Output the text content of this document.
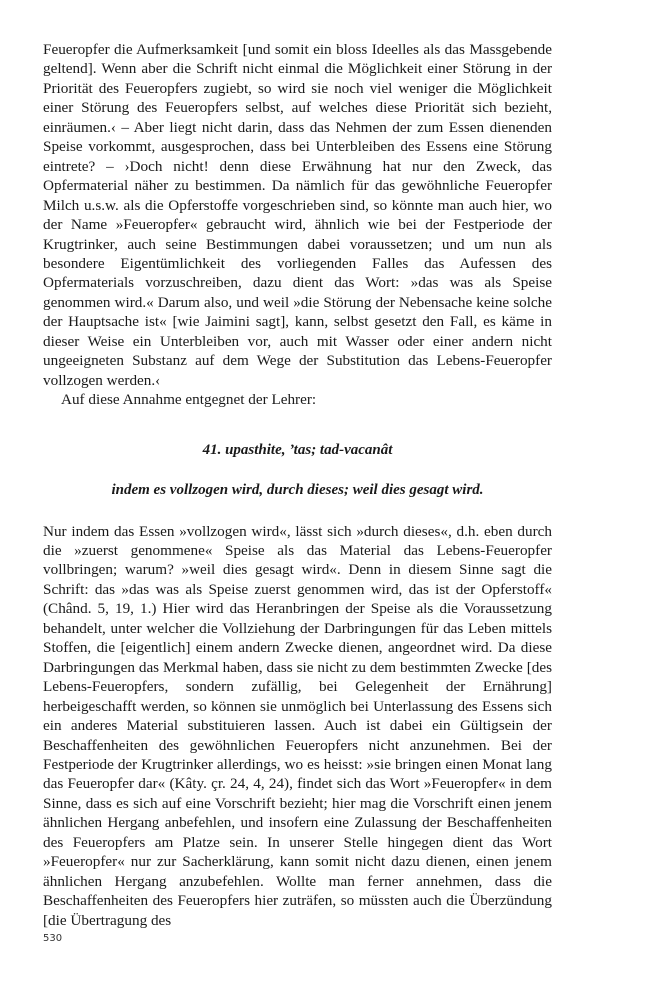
Feueropfer die Aufmerksamkeit [und somit ein bloss Ideelles als das Massgebende geltend]. Wenn aber die Schrift nicht einmal die Möglichkeit einer Störung in der Priorität des Feueropfers zugiebt, so wird sie noch viel weniger die Möglichkeit einer Störung des Feueropfers selbst, auf welches diese Priorität sich bezieht, einräumen.‹ – Aber liegt nicht darin, dass das Nehmen der zum Essen dienenden Speise vorkommt, ausgesprochen, dass bei Unterbleiben des Essens eine Störung eintrete? – ›Doch nicht! denn diese Erwähnung hat nur den Zweck, das Opfermaterial näher zu bestimmen. Da nämlich für das gewöhnliche Feueropfer Milch u.s.w. als die Opferstoffe vorgeschrieben sind, so könnte man auch hier, wo der Name »Feueropfer« gebraucht wird, ähnlich wie bei der Festperiode der Krugtrinker, auch seine Bestimmungen dabei voraussetzen; und um nun als besondere Eigentümlichkeit des vorliegenden Falles das Aufessen des Opfermaterials vorzuschreiben, dazu dient das Wort: »das was als Speise genommen wird.« Darum also, und weil »die Störung der Nebensache keine solche der Hauptsache ist« [wie Jaimini sagt], kann, selbst gesetzt den Fall, es käme in dieser Weise ein Unterbleiben vor, auch mit Wasser oder einer andern nicht ungeeigneten Substanz auf dem Wege der Substitution das Lebens-Feueropfer vollzogen werden.‹

Auf diese Annahme entgegnet der Lehrer:

41. upasthite, ’tas; tad-vacanât

indem es vollzogen wird, durch dieses; weil dies gesagt wird.

Nur indem das Essen »vollzogen wird«, lässt sich »durch dieses«, d.h. eben durch die »zuerst genommene« Speise als das Material das Lebens-Feueropfer vollbringen; warum? »weil dies gesagt wird«. Denn in diesem Sinne sagt die Schrift: das »das was als Speise zuerst genommen wird, das ist der Opferstoff« (Chând. 5, 19, 1.) Hier wird das Heranbringen der Speise als die Voraussetzung behandelt, unter welcher die Vollziehung der Darbringungen für das Leben mittels Stoffen, die [eigentlich] einem andern Zwecke dienen, angeordnet wird. Da diese Darbringungen das Merkmal haben, dass sie nicht zu dem bestimmten Zwecke [des Lebens-Feueropfers, sondern zufällig, bei Gelegenheit der Ernährung] herbeigeschafft werden, so können sie unmöglich bei Unterlassung des Essens sich ein anderes Material substituieren lassen. Auch ist dabei ein Gültigsein der Beschaffenheiten des gewöhnlichen Feueropfers nicht anzunehmen. Bei der Festperiode der Krugtrinker allerdings, wo es heisst: »sie bringen einen Monat lang das Feueropfer dar« (Kâty. çr. 24, 4, 24), findet sich das Wort »Feueropfer« in dem Sinne, dass es sich auf eine Vorschrift bezieht; hier mag die Vorschrift einen jenem ähnlichen Hergang anbefehlen, und insofern eine Zulassung der Beschaffenheiten des Feueropfers am Platze sein. In unserer Stelle hingegen dient das Wort »Feueropfer« nur zur Sacherklärung, kann somit nicht dazu dienen, einen jenem ähnlichen Hergang anzubefehlen. Wollte man ferner annehmen, dass die Beschaffenheiten des Feueropfers hier zuträfen, so müssten auch die Überzündung [die Übertragung des

530
